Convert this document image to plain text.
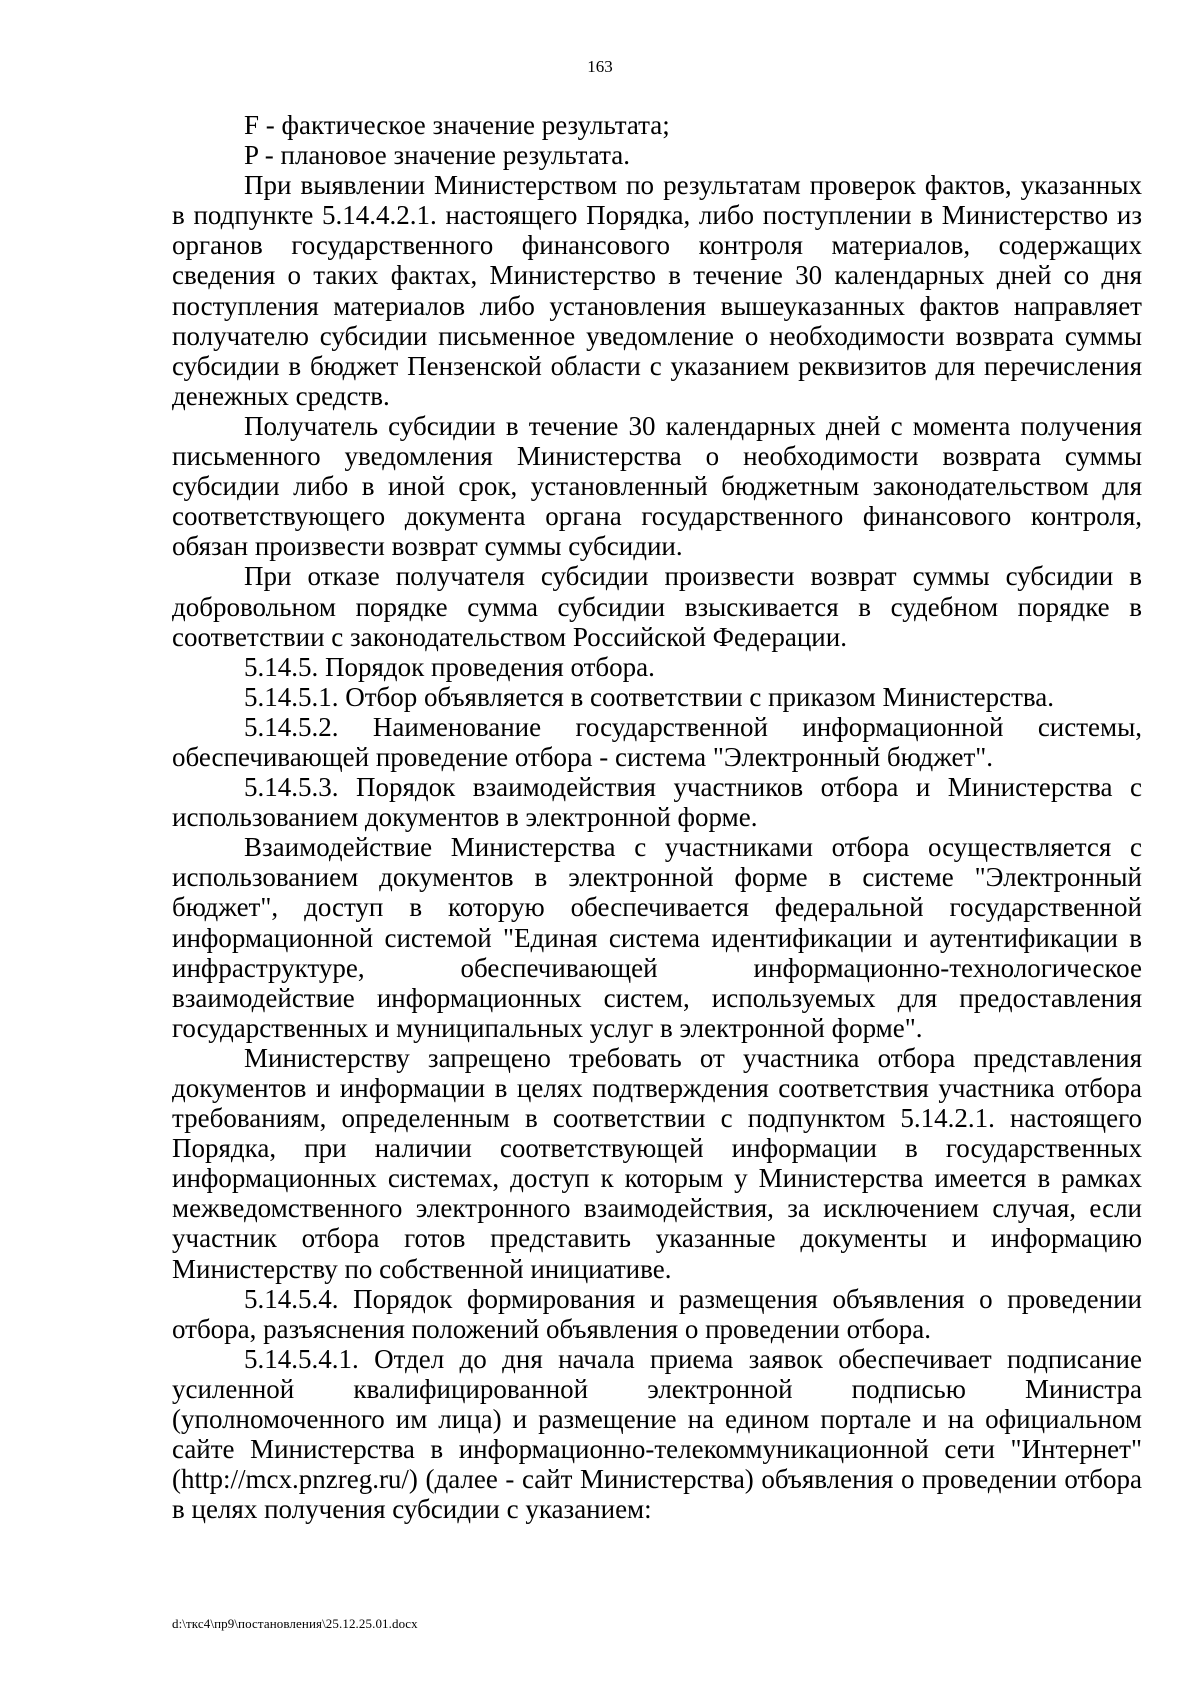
163

F - фактическое значение результата;

P - плановое значение результата.

При выявлении Министерством по результатам проверок фактов, указанных в подпункте 5.14.4.2.1. настоящего Порядка, либо поступлении в Министерство из органов государственного финансового контроля материалов, содержащих сведения о таких фактах, Министерство в течение 30 календарных дней со дня поступления материалов либо установления вышеуказанных фактов направляет получателю субсидии письменное уведомление о необходимости возврата суммы субсидии в бюджет Пензенской области с указанием реквизитов для перечисления денежных средств.

Получатель субсидии в течение 30 календарных дней с момента получения письменного уведомления Министерства о необходимости возврата суммы субсидии либо в иной срок, установленный бюджетным законодательством для соответствующего документа органа государственного финансового контроля, обязан произвести возврат суммы субсидии.

При отказе получателя субсидии произвести возврат суммы субсидии в добровольном порядке сумма субсидии взыскивается в судебном порядке в соответствии с законодательством Российской Федерации.

5.14.5. Порядок проведения отбора.

5.14.5.1. Отбор объявляется в соответствии с приказом Министерства.

5.14.5.2. Наименование государственной информационной системы, обеспечивающей проведение отбора - система "Электронный бюджет".

5.14.5.3. Порядок взаимодействия участников отбора и Министерства с использованием документов в электронной форме.

Взаимодействие Министерства с участниками отбора осуществляется с использованием документов в электронной форме в системе "Электронный бюджет", доступ в которую обеспечивается федеральной государственной информационной системой "Единая система идентификации и аутентификации в инфраструктуре, обеспечивающей информационно-технологическое взаимодействие информационных систем, используемых для предоставления государственных и муниципальных услуг в электронной форме".

Министерству запрещено требовать от участника отбора представления документов и информации в целях подтверждения соответствия участника отбора требованиям, определенным в соответствии с подпунктом 5.14.2.1. настоящего Порядка, при наличии соответствующей информации в государственных информационных системах, доступ к которым у Министерства имеется в рамках межведомственного электронного взаимодействия, за исключением случая, если участник отбора готов представить указанные документы и информацию Министерству по собственной инициативе.

5.14.5.4. Порядок формирования и размещения объявления о проведении отбора, разъяснения положений объявления о проведении отбора.

5.14.5.4.1. Отдел до дня начала приема заявок обеспечивает подписание усиленной квалифицированной электронной подписью Министра (уполномоченного им лица) и размещение на едином портале и на официальном сайте Министерства в информационно-телекоммуникационной сети "Интернет" (http://mcx.pnzreg.ru/) (далее - сайт Министерства) объявления о проведении отбора в целях получения субсидии с указанием:

d:\ткс4\пр9\постановления\25.12.25.01.docx
